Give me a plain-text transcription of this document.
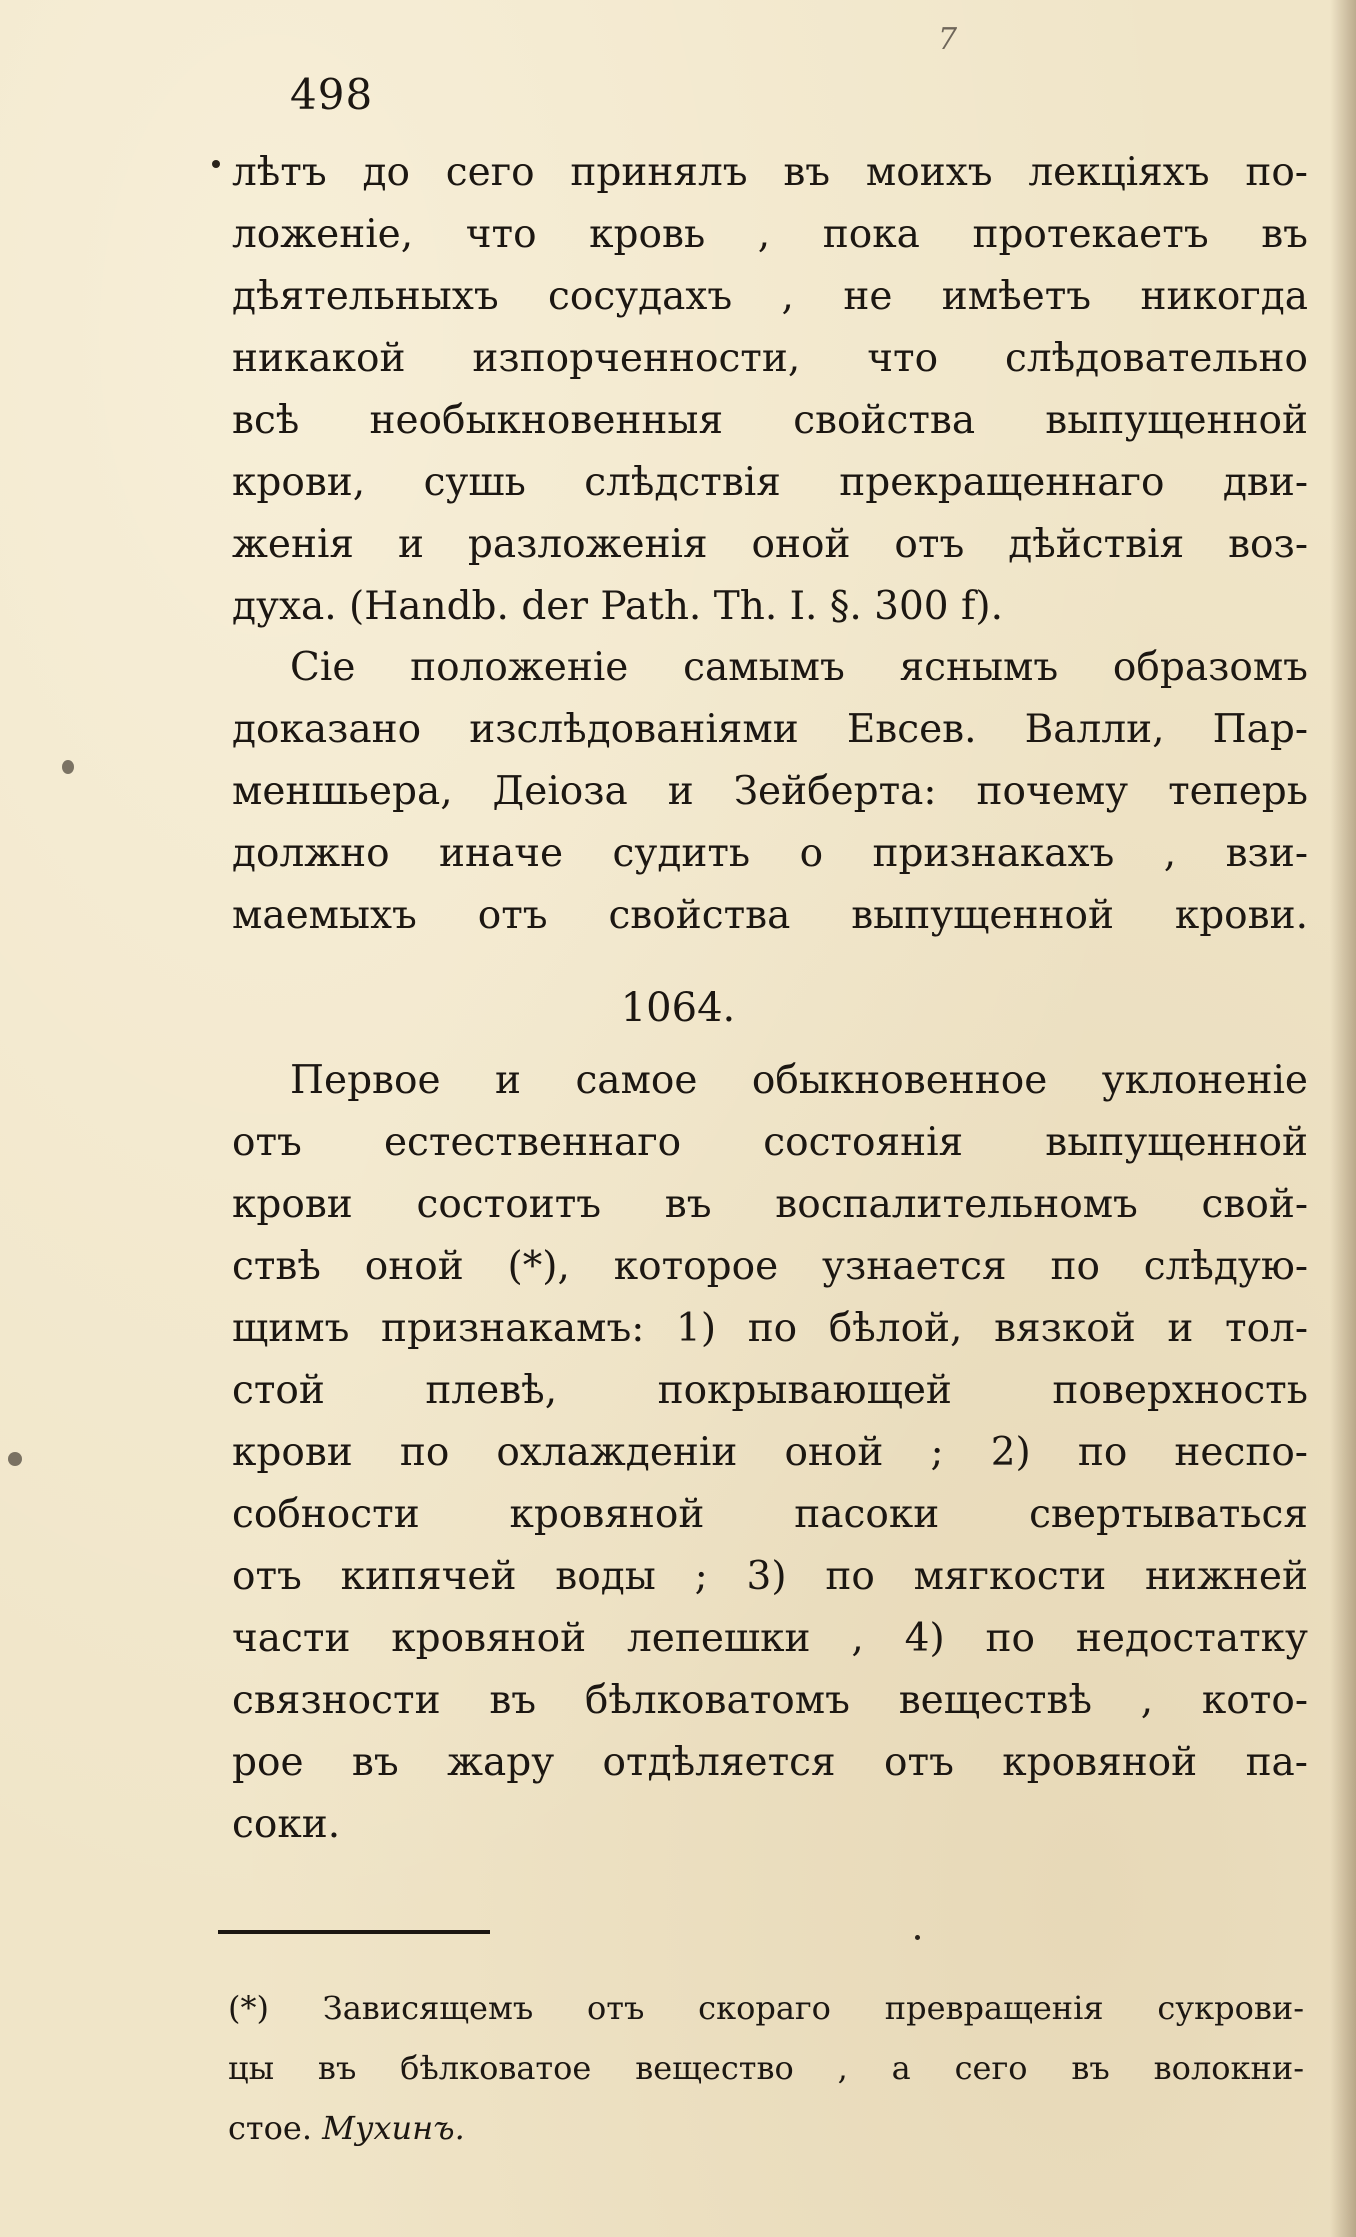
7
498
лѣтъ до сего принялъ въ моихъ лекціяхъ по-
ложеніе, что кровь , пока протекаетъ въ
дѣятельныхъ сосудахъ , не имѣетъ никогда
никакой изпорченности, что слѣдовательно
всѣ необыкновенныя свойства выпущенной
крови, сушь слѣдствія прекращеннаго дви-
женія и разложенія оной отъ дѣйствія воз-
духа. (Handb. der Path. Th. I. §. 300 f).
Сіе положеніе самымъ яснымъ образомъ
доказано изслѣдованіями Евсев. Валли, Пар-
меншьера, Деіоза и Зейберта: почему теперь
должно иначе судить о признакахъ , взи-
маемыхъ отъ свойства выпущенной крови.
1064.
Первое и самое обыкновенное уклоненіе
отъ естественнаго состоянія выпущенной
крови состоитъ въ воспалительномъ свой-
ствѣ оной (*), которое узнается по слѣдую-
щимъ признакамъ: 1) по бѣлой, вязкой и тол-
стой плевѣ, покрывающей поверхность
крови по охлажденіи оной ; 2) по неспо-
собности кровяной пасоки свертываться
отъ кипячей воды ; 3) по мягкости нижней
части кровяной лепешки , 4) по недостатку
связности въ бѣлковатомъ веществѣ , кото-
рое въ жару отдѣляется отъ кровяной па-
соки.
(*) Зависящемъ отъ скораго превращенія сукрови-
цы въ бѣлковатое вещество , а сего въ волокни-
стое. Мухинъ.
